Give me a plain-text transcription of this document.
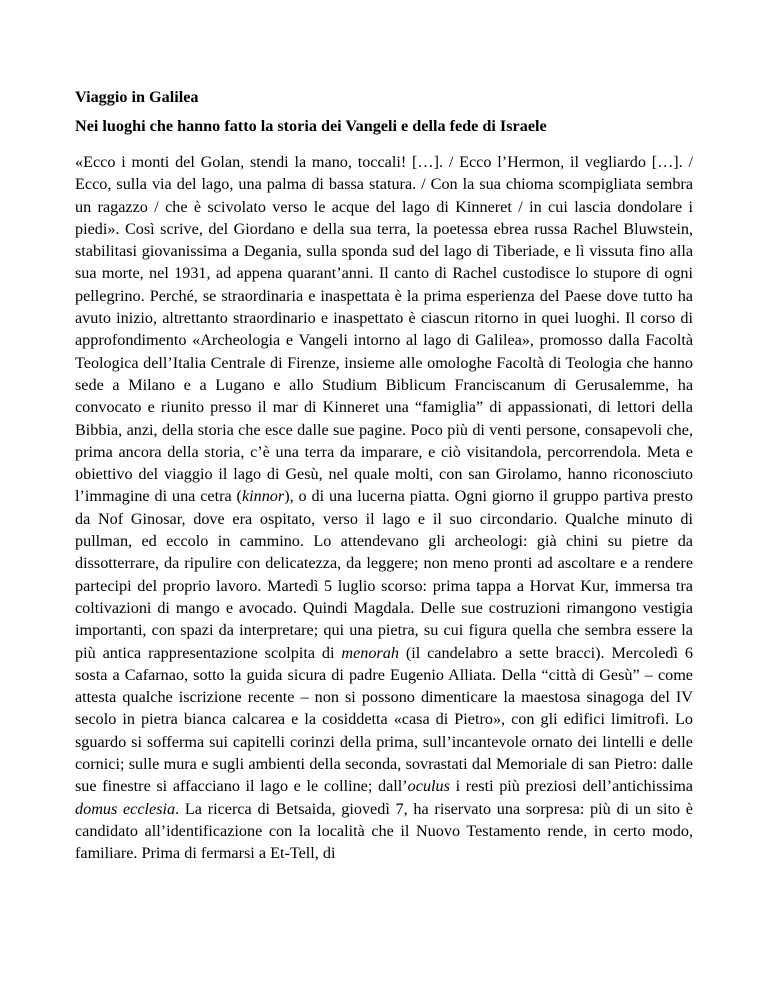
Viaggio in Galilea

Nei luoghi che hanno fatto la storia dei Vangeli e della fede di Israele

«Ecco i monti del Golan, stendi la mano, toccali! […]. / Ecco l’Hermon, il vegliardo […]. / Ecco, sulla via del lago, una palma di bassa statura. / Con la sua chioma scompigliata sembra un ragazzo / che è scivolato verso le acque del lago di Kinneret / in cui lascia dondolare i piedi». Così scrive, del Giordano e della sua terra, la poetessa ebrea russa Rachel Bluwstein, stabilitasi giovanissima a Degania, sulla sponda sud del lago di Tiberiade, e lì vissuta fino alla sua morte, nel 1931, ad appena quarant’anni. Il canto di Rachel custodisce lo stupore di ogni pellegrino. Perché, se straordinaria e inaspettata è la prima esperienza del Paese dove tutto ha avuto inizio, altrettanto straordinario e inaspettato è ciascun ritorno in quei luoghi. Il corso di approfondimento «Archeologia e Vangeli intorno al lago di Galilea», promosso dalla Facoltà Teologica dell’Italia Centrale di Firenze, insieme alle omologhe Facoltà di Teologia che hanno sede a Milano e a Lugano e allo Studium Biblicum Franciscanum di Gerusalemme, ha convocato e riunito presso il mar di Kinneret una “famiglia” di appassionati, di lettori della Bibbia, anzi, della storia che esce dalle sue pagine. Poco più di venti persone, consapevoli che, prima ancora della storia, c’è una terra da imparare, e ciò visitandola, percorrendola. Meta e obiettivo del viaggio il lago di Gesù, nel quale molti, con san Girolamo, hanno riconosciuto l’immagine di una cetra (kinnor), o di una lucerna piatta. Ogni giorno il gruppo partiva presto da Nof Ginosar, dove era ospitato, verso il lago e il suo circondario. Qualche minuto di pullman, ed eccolo in cammino. Lo attendevano gli archeologi: già chini su pietre da dissotterrare, da ripulire con delicatezza, da leggere; non meno pronti ad ascoltare e a rendere partecipi del proprio lavoro. Martedì 5 luglio scorso: prima tappa a Horvat Kur, immersa tra coltivazioni di mango e avocado. Quindi Magdala. Delle sue costruzioni rimangono vestigia importanti, con spazi da interpretare; qui una pietra, su cui figura quella che sembra essere la più antica rappresentazione scolpita di menorah (il candelabro a sette bracci). Mercoledì 6 sosta a Cafarnao, sotto la guida sicura di padre Eugenio Alliata. Della “città di Gesù” – come attesta qualche iscrizione recente – non si possono dimenticare la maestosa sinagoga del IV secolo in pietra bianca calcarea e la cosiddetta «casa di Pietro», con gli edifici limitrofi. Lo sguardo si sofferma sui capitelli corinzi della prima, sull’incantevole ornato dei lintelli e delle cornici; sulle mura e sugli ambienti della seconda, sovrastati dal Memoriale di san Pietro: dalle sue finestre si affacciano il lago e le colline; dall’oculus i resti più preziosi dell’antichissima domus ecclesia. La ricerca di Betsaida, giovedì 7, ha riservato una sorpresa: più di un sito è candidato all’identificazione con la località che il Nuovo Testamento rende, in certo modo, familiare. Prima di fermarsi a Et-Tell, di
